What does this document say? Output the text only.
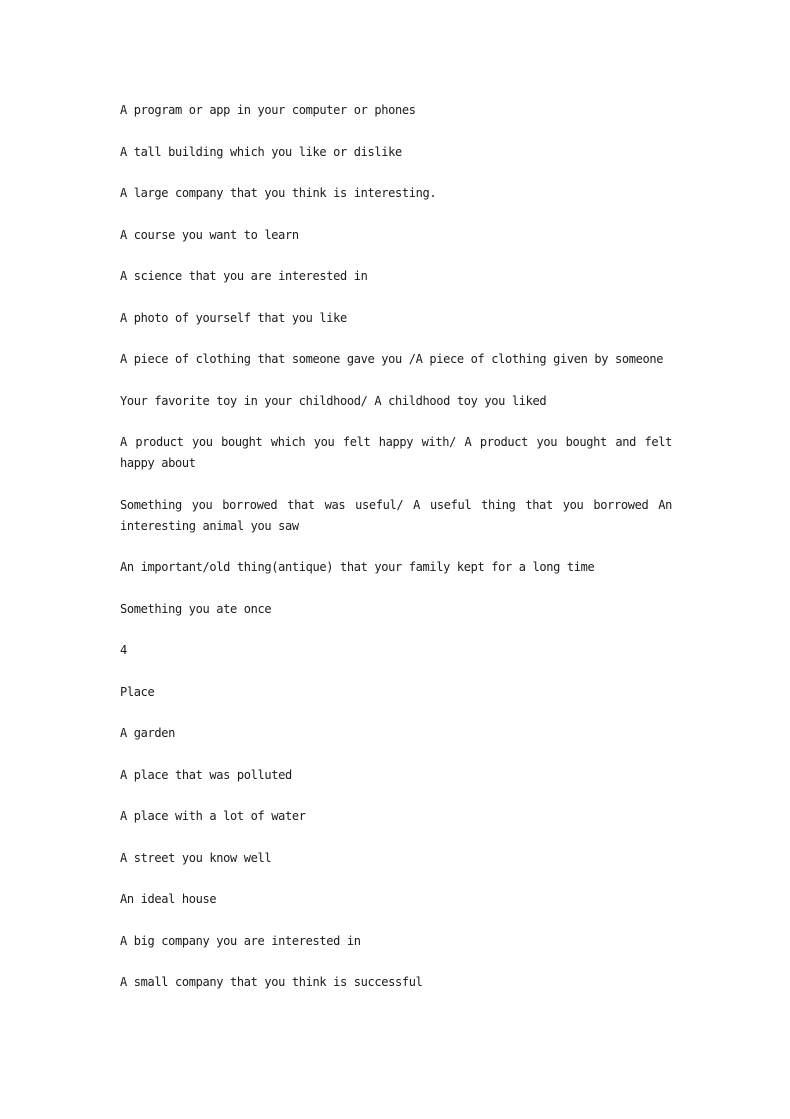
A program or app in your computer or phones

A tall building which you like or dislike

A large company that you think is interesting.

A course you want to learn

A science that you are interested in

A photo of yourself that you like

A piece of clothing that someone gave you /A piece of clothing given by someone

Your favorite toy in your childhood/ A childhood toy you liked

A product you bought which you felt happy with/ A product you bought and felt happy about

Something you borrowed that was useful/ A useful thing that you borrowed An interesting animal you saw

An important/old thing(antique) that your family kept for a long time

Something you ate once

4

Place

A garden

A place that was polluted

A place with a lot of water

A street you know well

An ideal house

A big company you are interested in

A small company that you think is successful
